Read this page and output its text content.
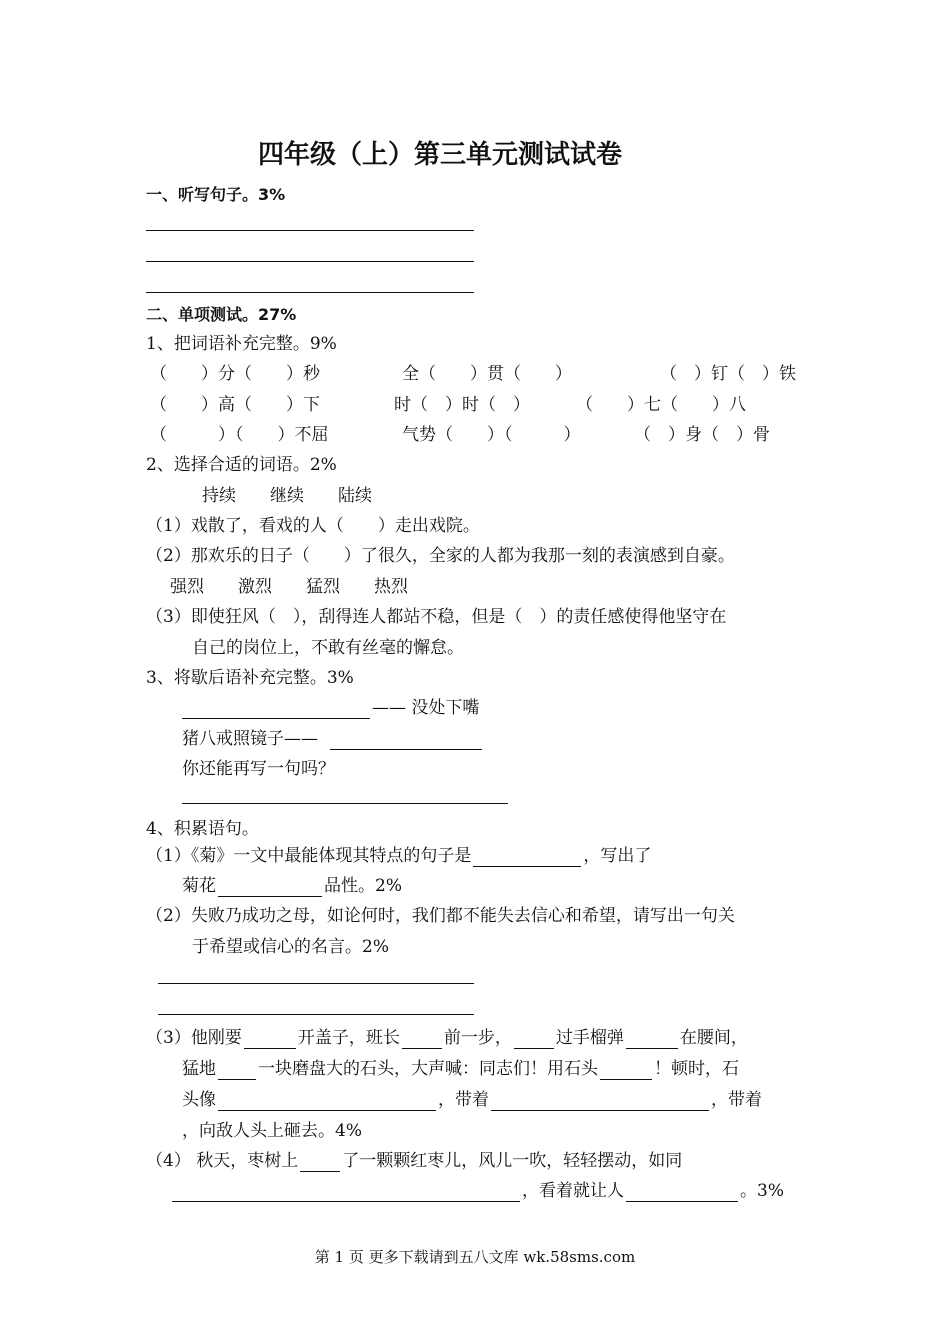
四年级（上）第三单元测试试卷
一、听写句子。3%
二、单项测试。27%
1、把词语补充完整。9%
（　　）分（　　）秒	全（　　）贯（　　）	（　）钉（　）铁
（　　）高（　　）下	时（　）时（　）	（　　）七（　　）八
（　　　）（　　）不屈	气势（　　）（　　　）	（　）身（　）骨
2、选择合适的词语。2%
持续　　继续　　陆续
（1）戏散了，看戏的人（　　）走出戏院。
（2）那欢乐的日子（　　）了很久，全家的人都为我那一刻的表演感到自豪。
强烈　　激烈　　猛烈　　热烈
（3）即使狂风（　），刮得连人都站不稳，但是（　）的责任感使得他坚守在
自己的岗位上，不敢有丝毫的懈怠。
3、将歇后语补充完整。3%
—— 没处下嘴
猪八戒照镜子——
你还能再写一句吗？
4、积累语句。
（1）《菊》一文中最能体现其特点的句子是	，写出了
菊花	品性。2%
（2）失败乃成功之母，如论何时，我们都不能失去信心和希望，请写出一句关
于希望或信心的名言。2%
（3）他刚要	开盖子，班长	前一步，	过手榴弹	在腰间，
猛地 一块磨盘大的石头，大声喊：同志们！用石头	！顿时，石
头像	，带着	，带着
，向敌人头上砸去。4%
（4） 秋天，枣树上	了一颗颗红枣儿，风儿一吹，轻轻摆动，如同
，看着就让人	。3%
第 1 页 更多下载请到五八文库 wk.58sms.com
